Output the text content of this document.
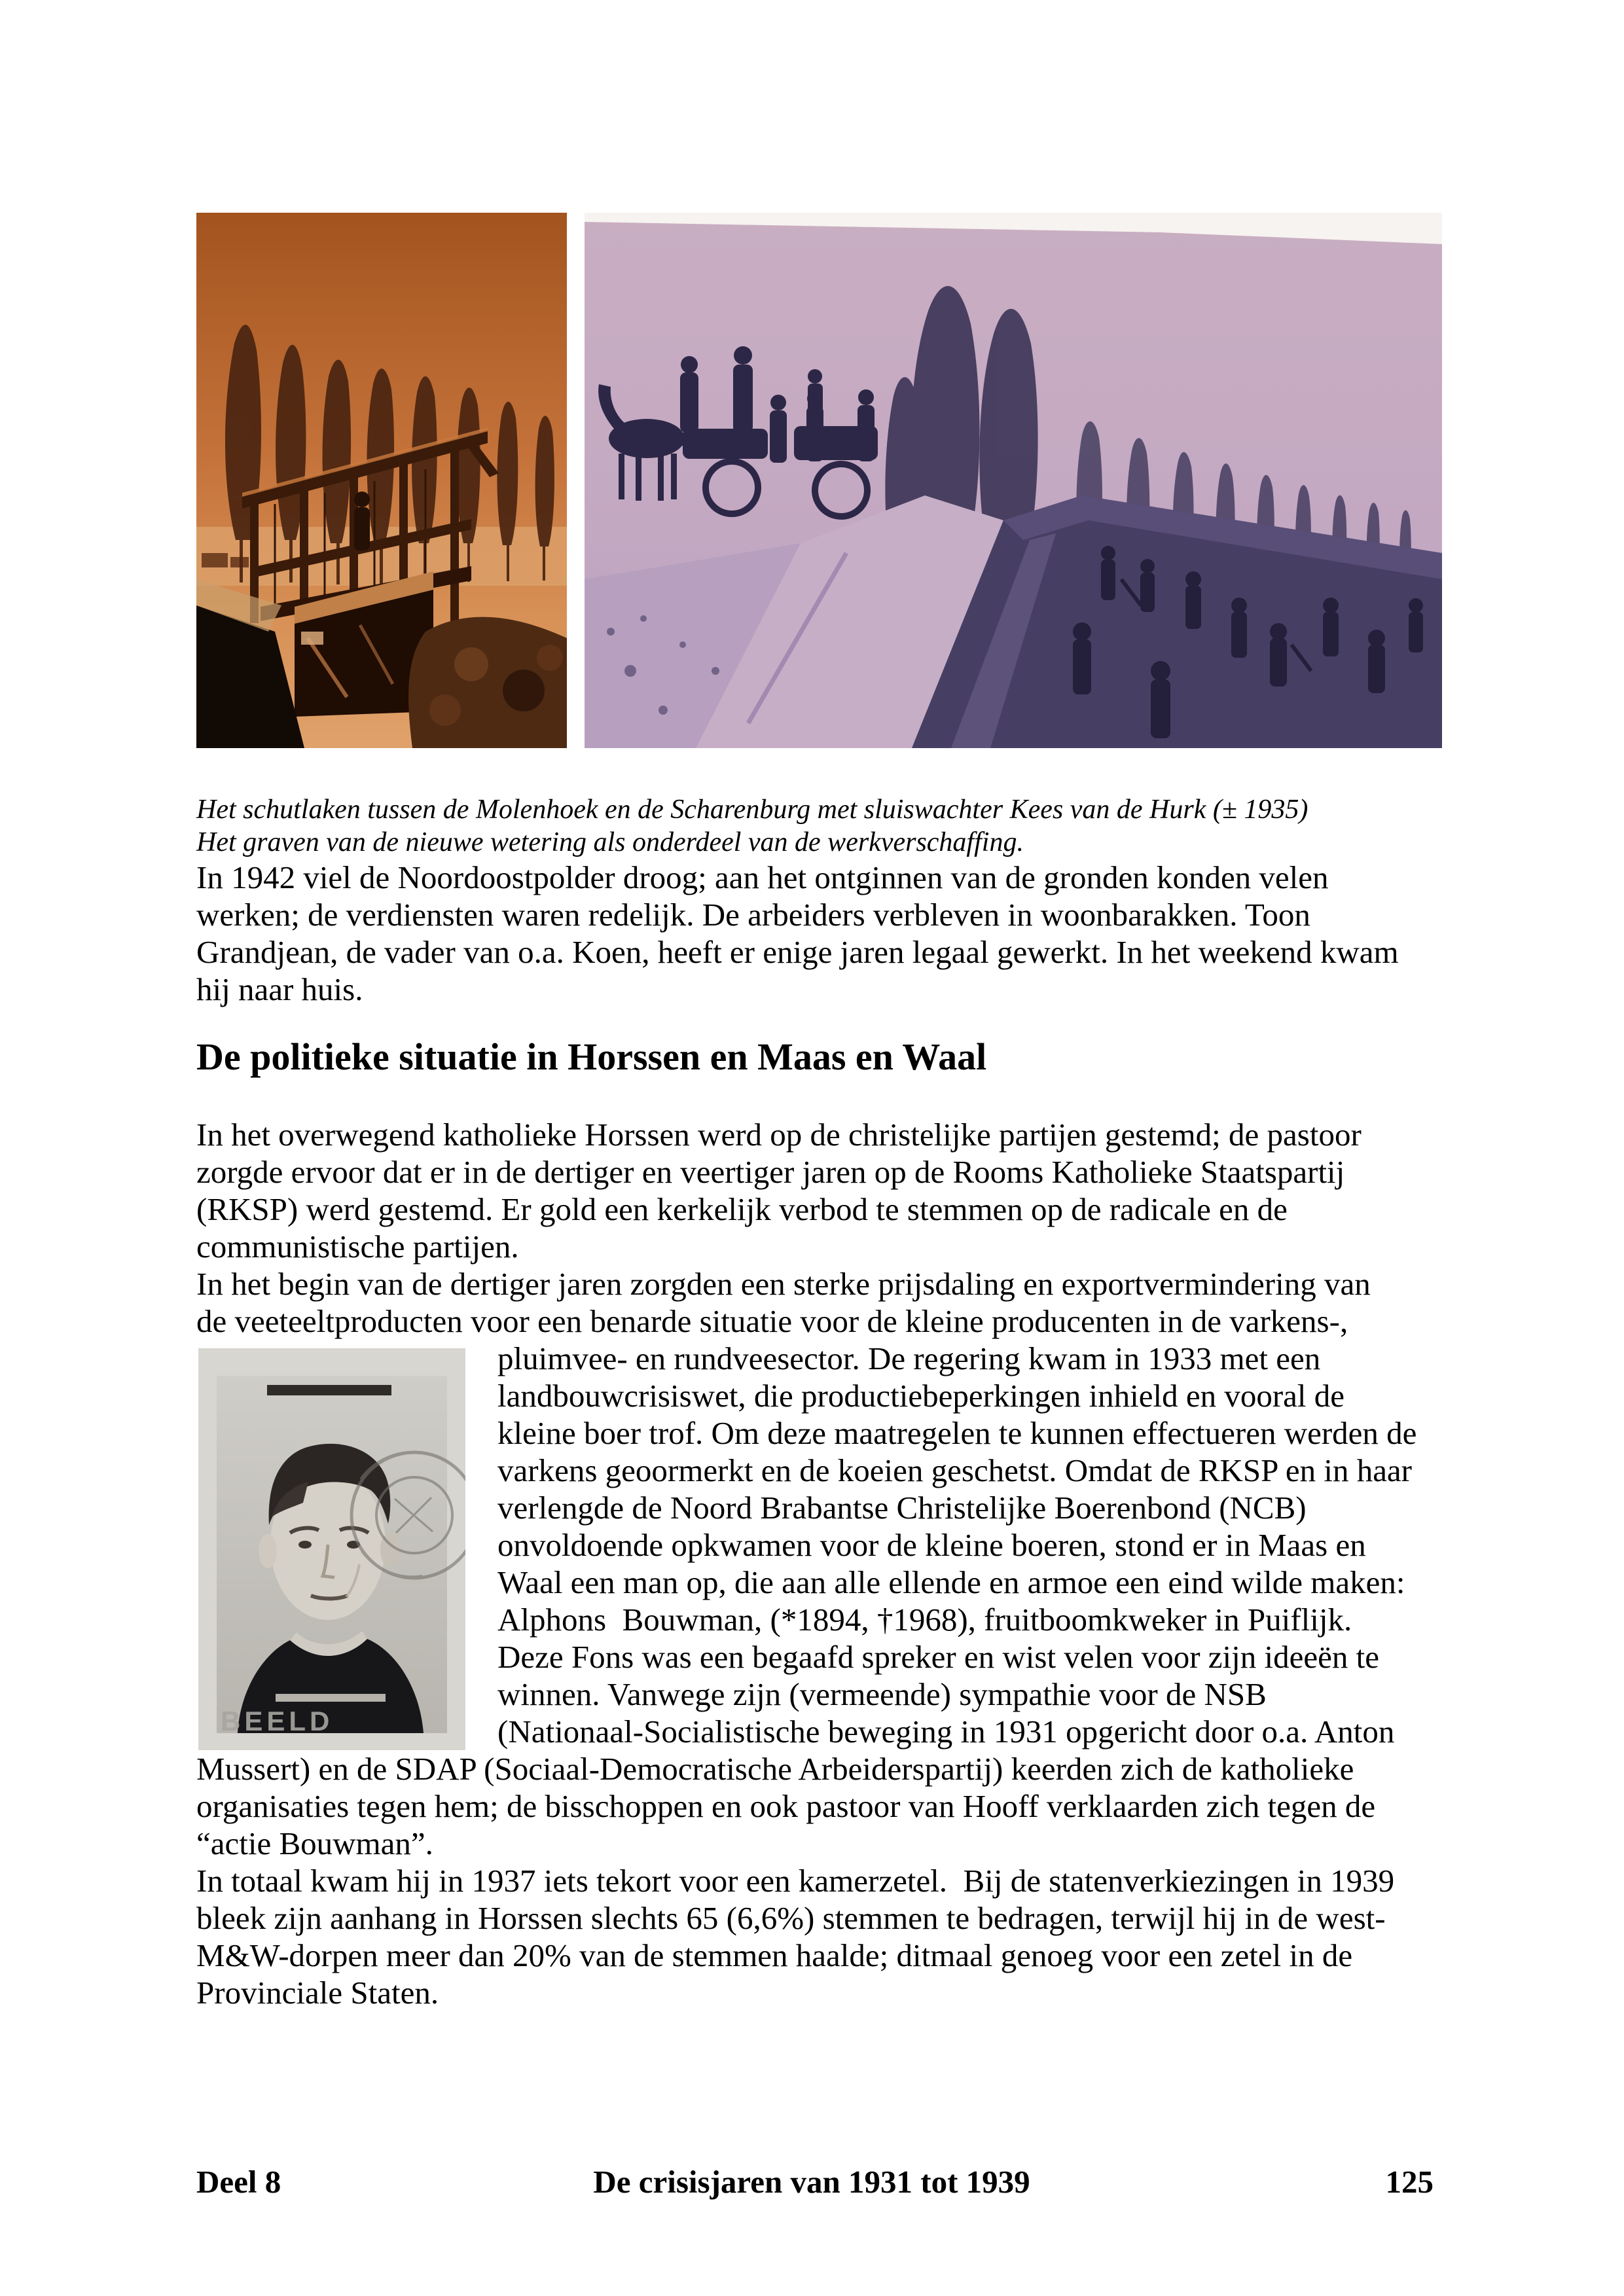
Het schutlaken tussen de Molenhoek en de Scharenburg met sluiswachter Kees van de Hurk (± 1935)
Het graven van de nieuwe wetering als onderdeel van de werkverschaffing.
In 1942 viel de Noordoostpolder droog; aan het ontginnen van de gronden konden velen
werken; de verdiensten waren redelijk. De arbeiders verbleven in woonbarakken. Toon
Grandjean, de vader van o.a. Koen, heeft er enige jaren legaal gewerkt. In het weekend kwam
hij naar huis.
De politieke situatie in Horssen en Maas en Waal
In het overwegend katholieke Horssen werd op de christelijke partijen gestemd; de pastoor
zorgde ervoor dat er in de dertiger en veertiger jaren op de Rooms Katholieke Staatspartij
(RKSP) werd gestemd. Er gold een kerkelijk verbod te stemmen op de radicale en de
communistische partijen.
In het begin van de dertiger jaren zorgden een sterke prijsdaling en exportvermindering van
de veeteeltproducten voor een benarde situatie voor de kleine producenten in de varkens-,
pluimvee- en rundveesector. De regering kwam in 1933 met een
landbouwcrisiswet, die productiebeperkingen inhield en vooral de
kleine boer trof. Om deze maatregelen te kunnen effectueren werden de
varkens geoormerkt en de koeien geschetst. Omdat de RKSP en in haar
verlengde de Noord Brabantse Christelijke Boerenbond (NCB)
onvoldoende opkwamen voor de kleine boeren, stond er in Maas en
Waal een man op, die aan alle ellende en armoe een eind wilde maken:
Alphons  Bouwman, (*1894, †1968), fruitboomkweker in Puiflijk.
Deze Fons was een begaafd spreker en wist velen voor zijn ideeën te
winnen. Vanwege zijn (vermeende) sympathie voor de NSB
(Nationaal-Socialistische beweging in 1931 opgericht door o.a. Anton
Mussert) en de SDAP (Sociaal-Democratische Arbeiderspartij) keerden zich de katholieke
organisaties tegen hem; de bisschoppen en ook pastoor van Hooff verklaarden zich tegen de
“actie Bouwman”.
In totaal kwam hij in 1937 iets tekort voor een kamerzetel.  Bij de statenverkiezingen in 1939
bleek zijn aanhang in Horssen slechts 65 (6,6%) stemmen te bedragen, terwijl hij in de west-
M&W-dorpen meer dan 20% van de stemmen haalde; ditmaal genoeg voor een zetel in de
Provinciale Staten.
BEELD
Deel 8	De crisisjaren van 1931 tot 1939	125
